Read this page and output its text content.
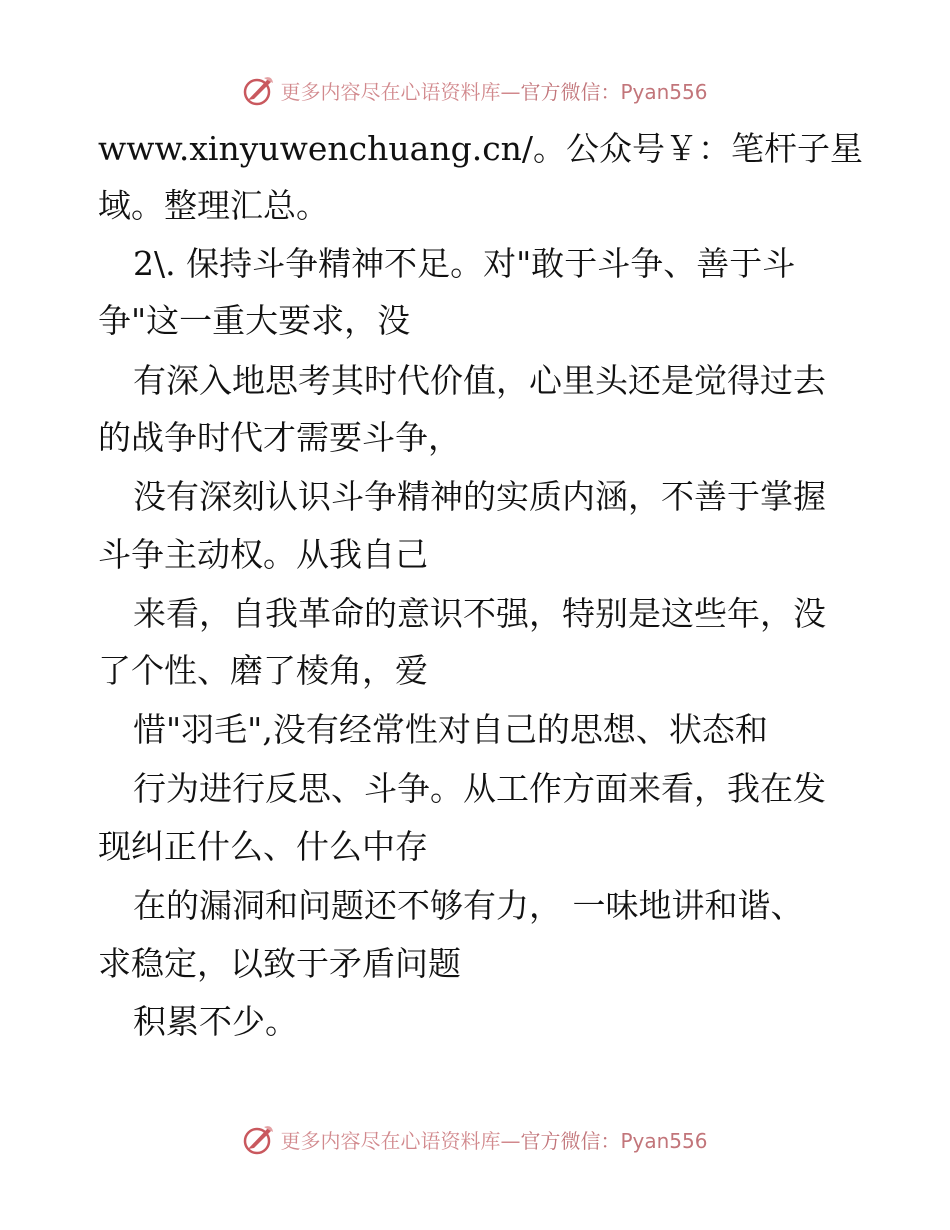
更多内容尽在心语资料库—官方微信：Pyan556
www.xinyuwenchuang.cn/。公众号￥：笔杆子星
域。整理汇总。
2\. 保持斗争精神不足。对"敢于斗争、善于斗
争"这一重大要求，没
有深入地思考其时代价值，心里头还是觉得过去
的战争时代才需要斗争，
没有深刻认识斗争精神的实质内涵，不善于掌握
斗争主动权。从我自己
来看，自我革命的意识不强，特别是这些年，没
了个性、磨了棱角，爱
惜"羽毛",没有经常性对自己的思想、状态和
行为进行反思、斗争。从工作方面来看，我在发
现纠正什么、什么中存
在的漏洞和问题还不够有力， 一味地讲和谐、
求稳定，以致于矛盾问题
积累不少。
更多内容尽在心语资料库—官方微信：Pyan556
